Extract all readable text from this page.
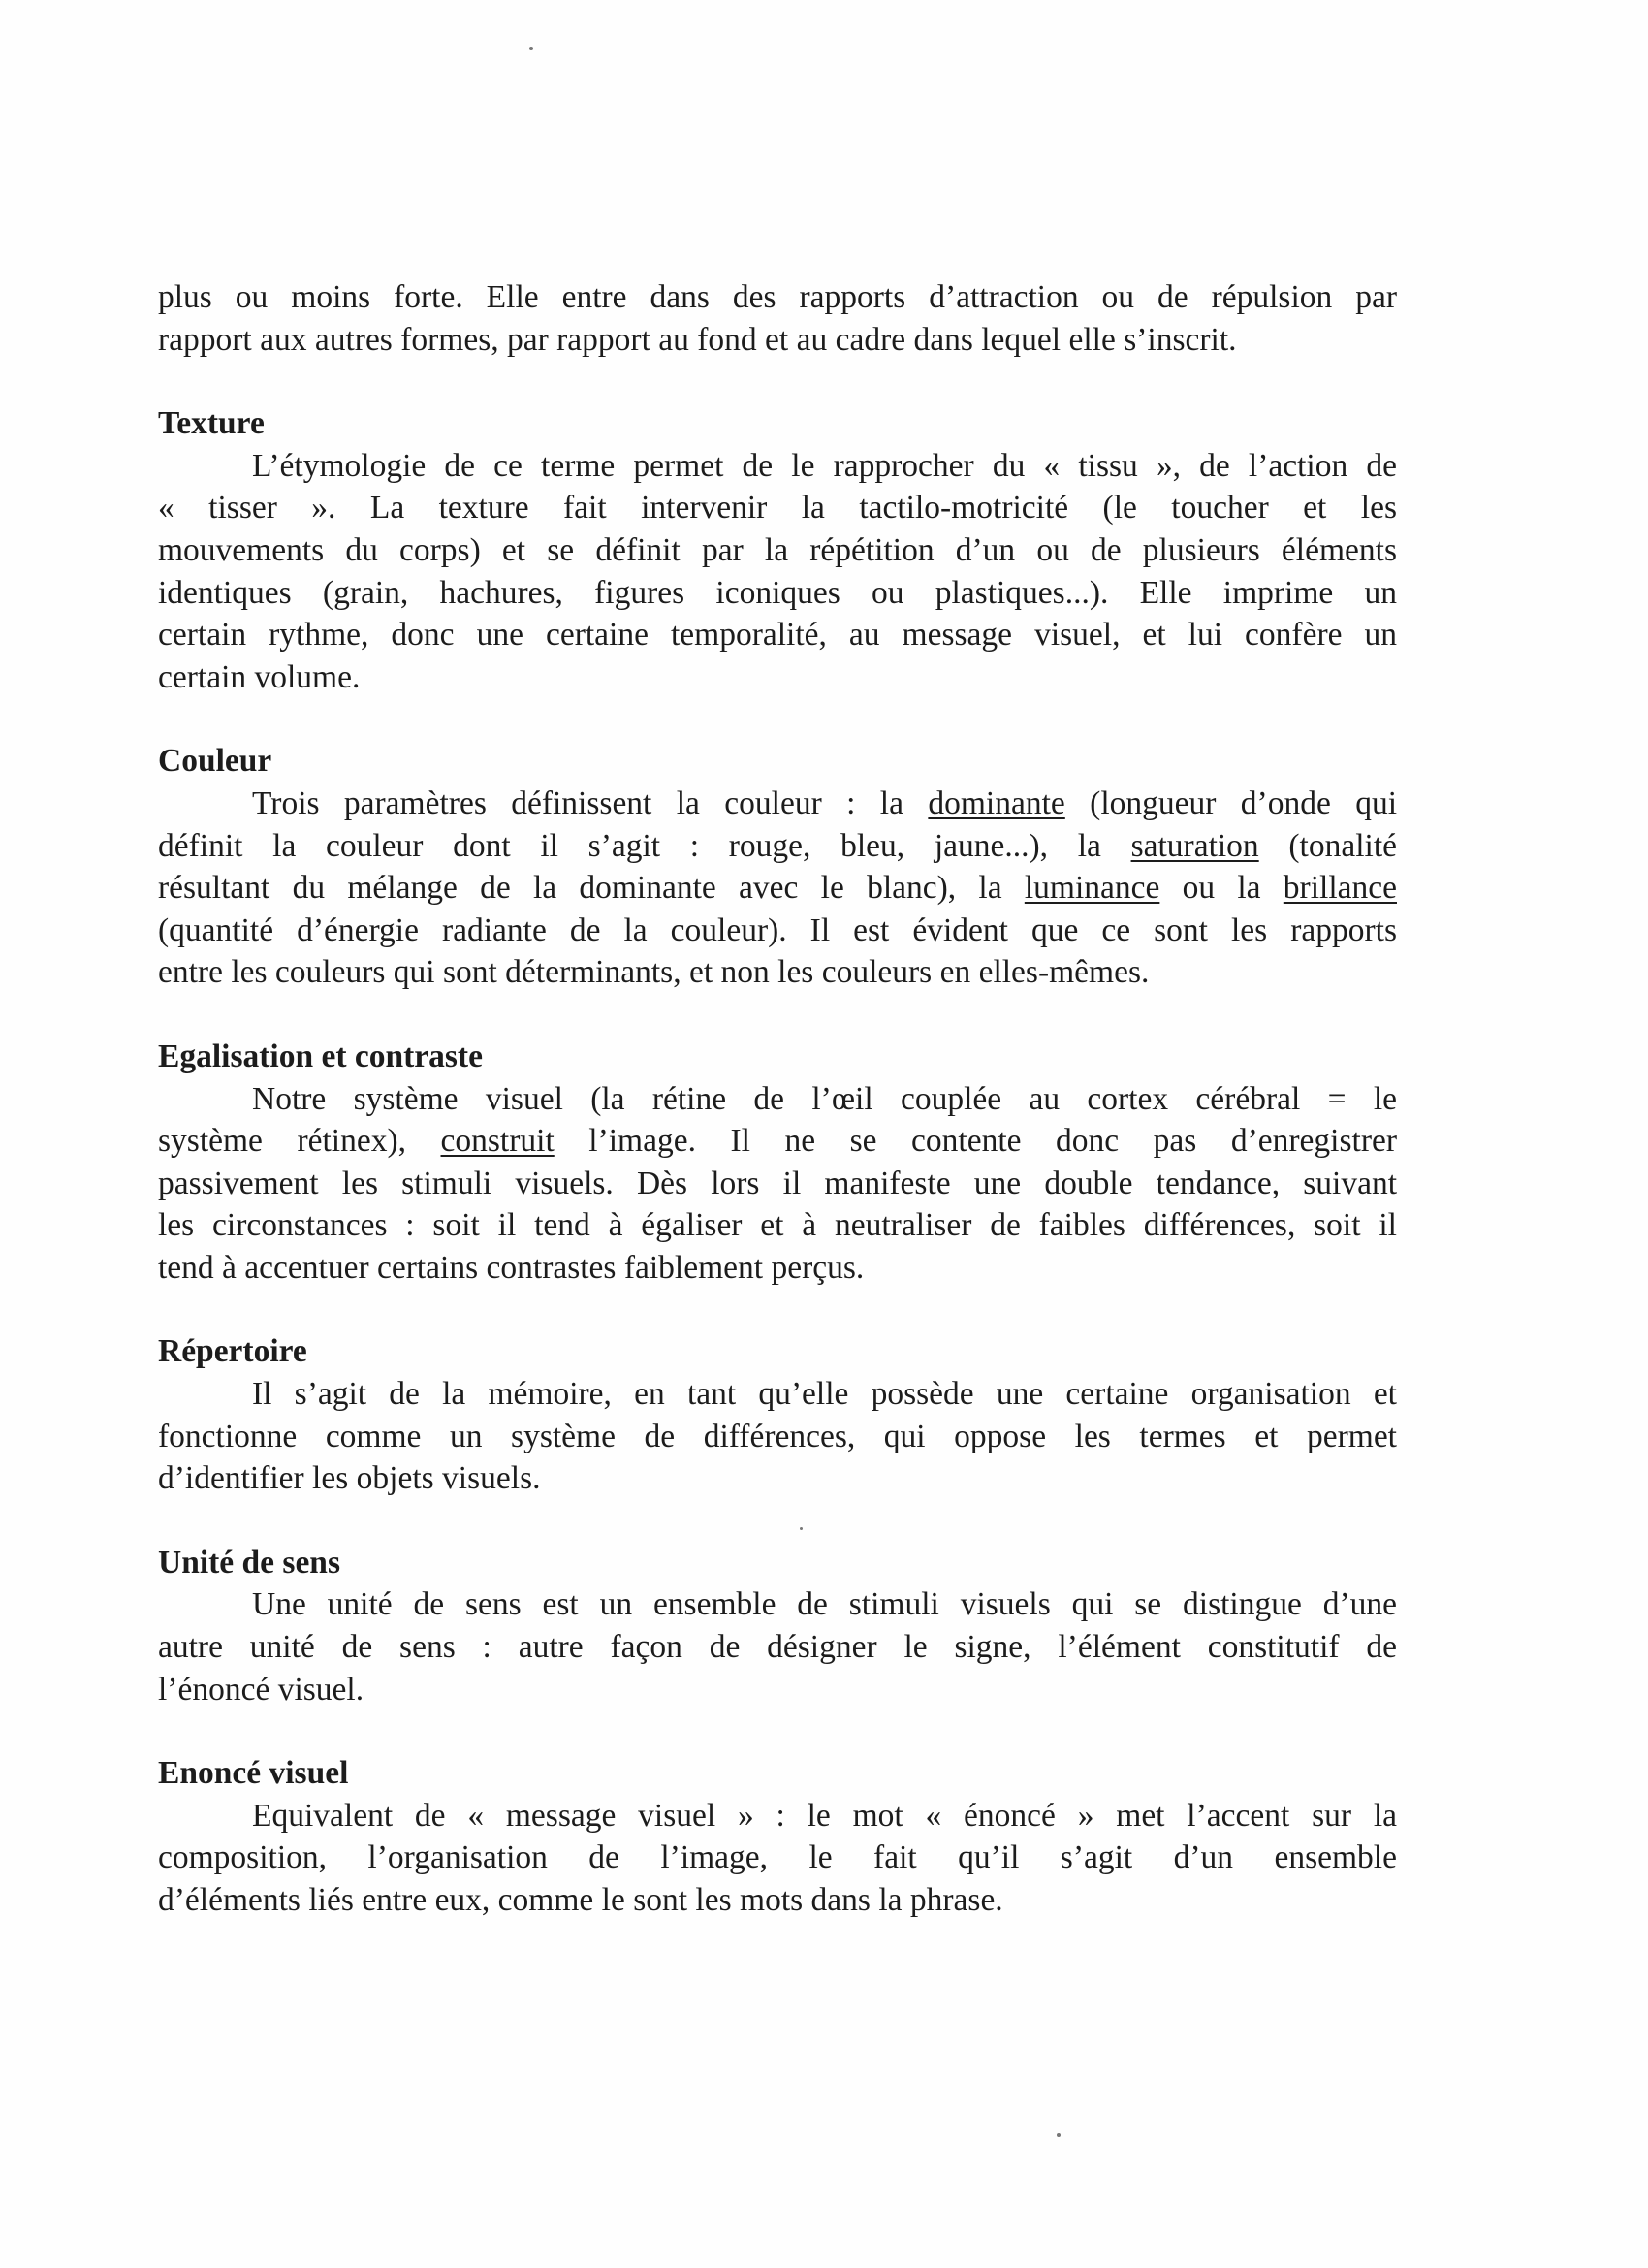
plus ou moins forte. Elle entre dans des rapports d’attraction ou de répulsion par
rapport aux autres formes, par rapport au fond et au cadre dans lequel elle s’inscrit.
Texture
L’étymologie de ce terme permet de le rapprocher du « tissu », de l’action de
« tisser ». La texture fait intervenir la tactilo-motricité (le toucher et les
mouvements du corps) et se définit par la répétition d’un ou de plusieurs éléments
identiques (grain, hachures, figures iconiques ou plastiques...). Elle imprime un
certain rythme, donc une certaine temporalité, au message visuel, et lui confère un
certain volume.
Couleur
Trois paramètres définissent la couleur : la dominante (longueur d’onde qui
définit la couleur dont il s’agit : rouge, bleu, jaune...), la saturation (tonalité
résultant du mélange de la dominante avec le blanc), la luminance ou la brillance
(quantité d’énergie radiante de la couleur). Il est évident que ce sont les rapports
entre les couleurs qui sont déterminants, et non les couleurs en elles-mêmes.
Egalisation et contraste
Notre système visuel (la rétine de l’œil couplée au cortex cérébral = le
système rétinex), construit l’image. Il ne se contente donc pas d’enregistrer
passivement les stimuli visuels. Dès lors il manifeste une double tendance, suivant
les circonstances : soit il tend à égaliser et à neutraliser de faibles différences, soit il
tend à accentuer certains contrastes faiblement perçus.
Répertoire
Il s’agit de la mémoire, en tant qu’elle possède une certaine organisation et
fonctionne comme un système de différences, qui oppose les termes et permet
d’identifier les objets visuels.
Unité de sens
Une unité de sens est un ensemble de stimuli visuels qui se distingue d’une
autre unité de sens : autre façon de désigner le signe, l’élément constitutif de
l’énoncé visuel.
Enoncé visuel
Equivalent de « message visuel » : le mot « énoncé » met l’accent sur la
composition, l’organisation de l’image, le fait qu’il s’agit d’un ensemble
d’éléments liés entre eux, comme le sont les mots dans la phrase.
